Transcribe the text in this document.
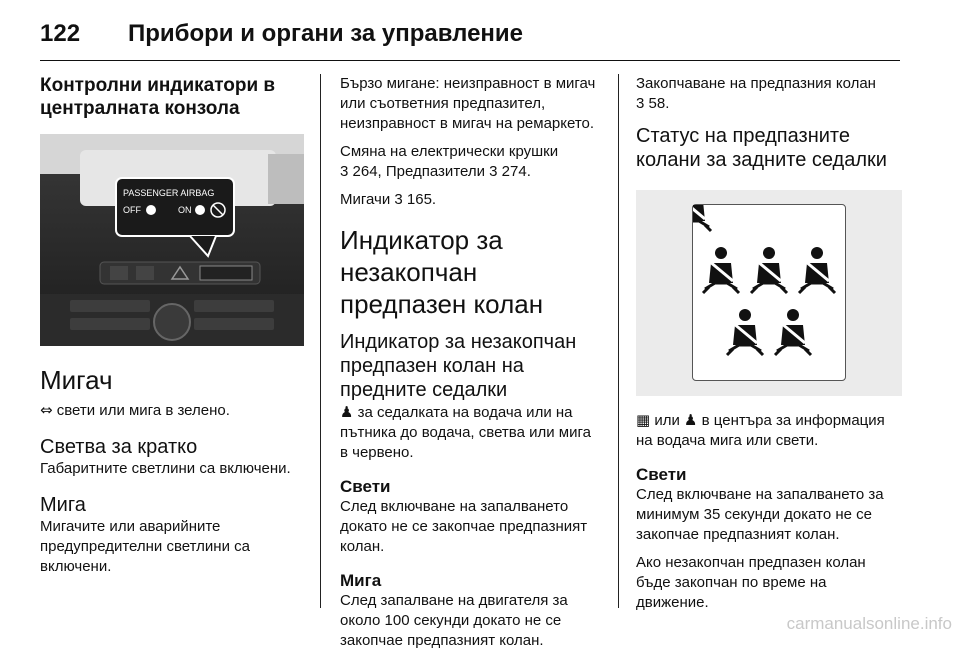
122 Прибори и органи за управление

Контролни индикатори в централната конзола

PASSENGER AIRBAG
OFF	ON

Мигач

⇔ свети или мига в зелено.

Светва за кратко

Габаритните светлини са включени.

Мига

Мигачите или аварийните предупредителни светлини са включени.

Бързо мигане: неизправност в мигач или съответния предпазител, неизправност в мигач на ремаркето.

Смяна на електрически крушки
3 264, Предпазители 3 274.

Мигачи 3 165.

Индикатор за незакопчан предпазен колан

Индикатор за незакопчан предпазен колан на предните седалки

♟ за седалката на водача или на пътника до водача, светва или мига в червено.

Свети

След включване на запалването докато не се закопчае предпазният колан.

Мига

След запалване на двигателя за около 100 секунди докато не се закопчае предпазният колан.

Закопчаване на предпазния колан
3 58.

Статус на предпазните колани за задните седалки

▦ или ♟ в центъра за информация на водача мига или свети.

Свети

След включване на запалването за минимум 35 секунди докато не се закопчае предпазният колан.

Ако незакопчан предпазен колан бъде закопчан по време на движение.

carmanualsonline.info
